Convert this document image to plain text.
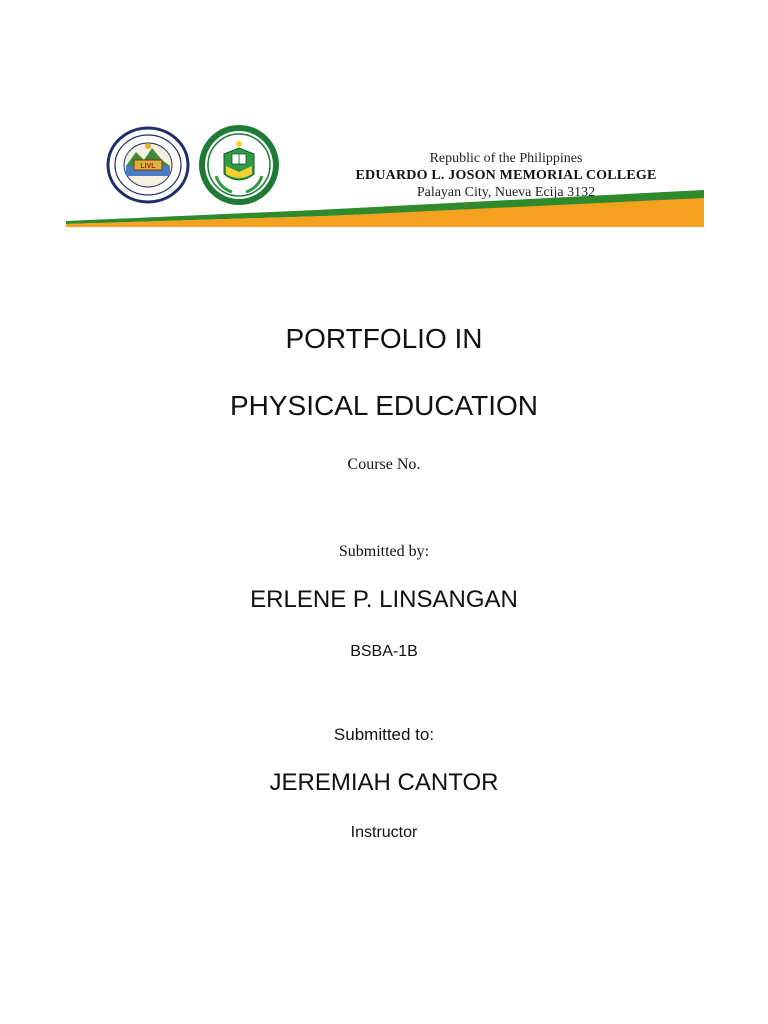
LIVL
Republic of the Philippines
EDUARDO L. JOSON MEMORIAL COLLEGE
Palayan City, Nueva Ecija 3132
PORTFOLIO IN
PHYSICAL EDUCATION
Course No.
Submitted by:
ERLENE P. LINSANGAN
BSBA-1B
Submitted to:
JEREMIAH CANTOR
Instructor
